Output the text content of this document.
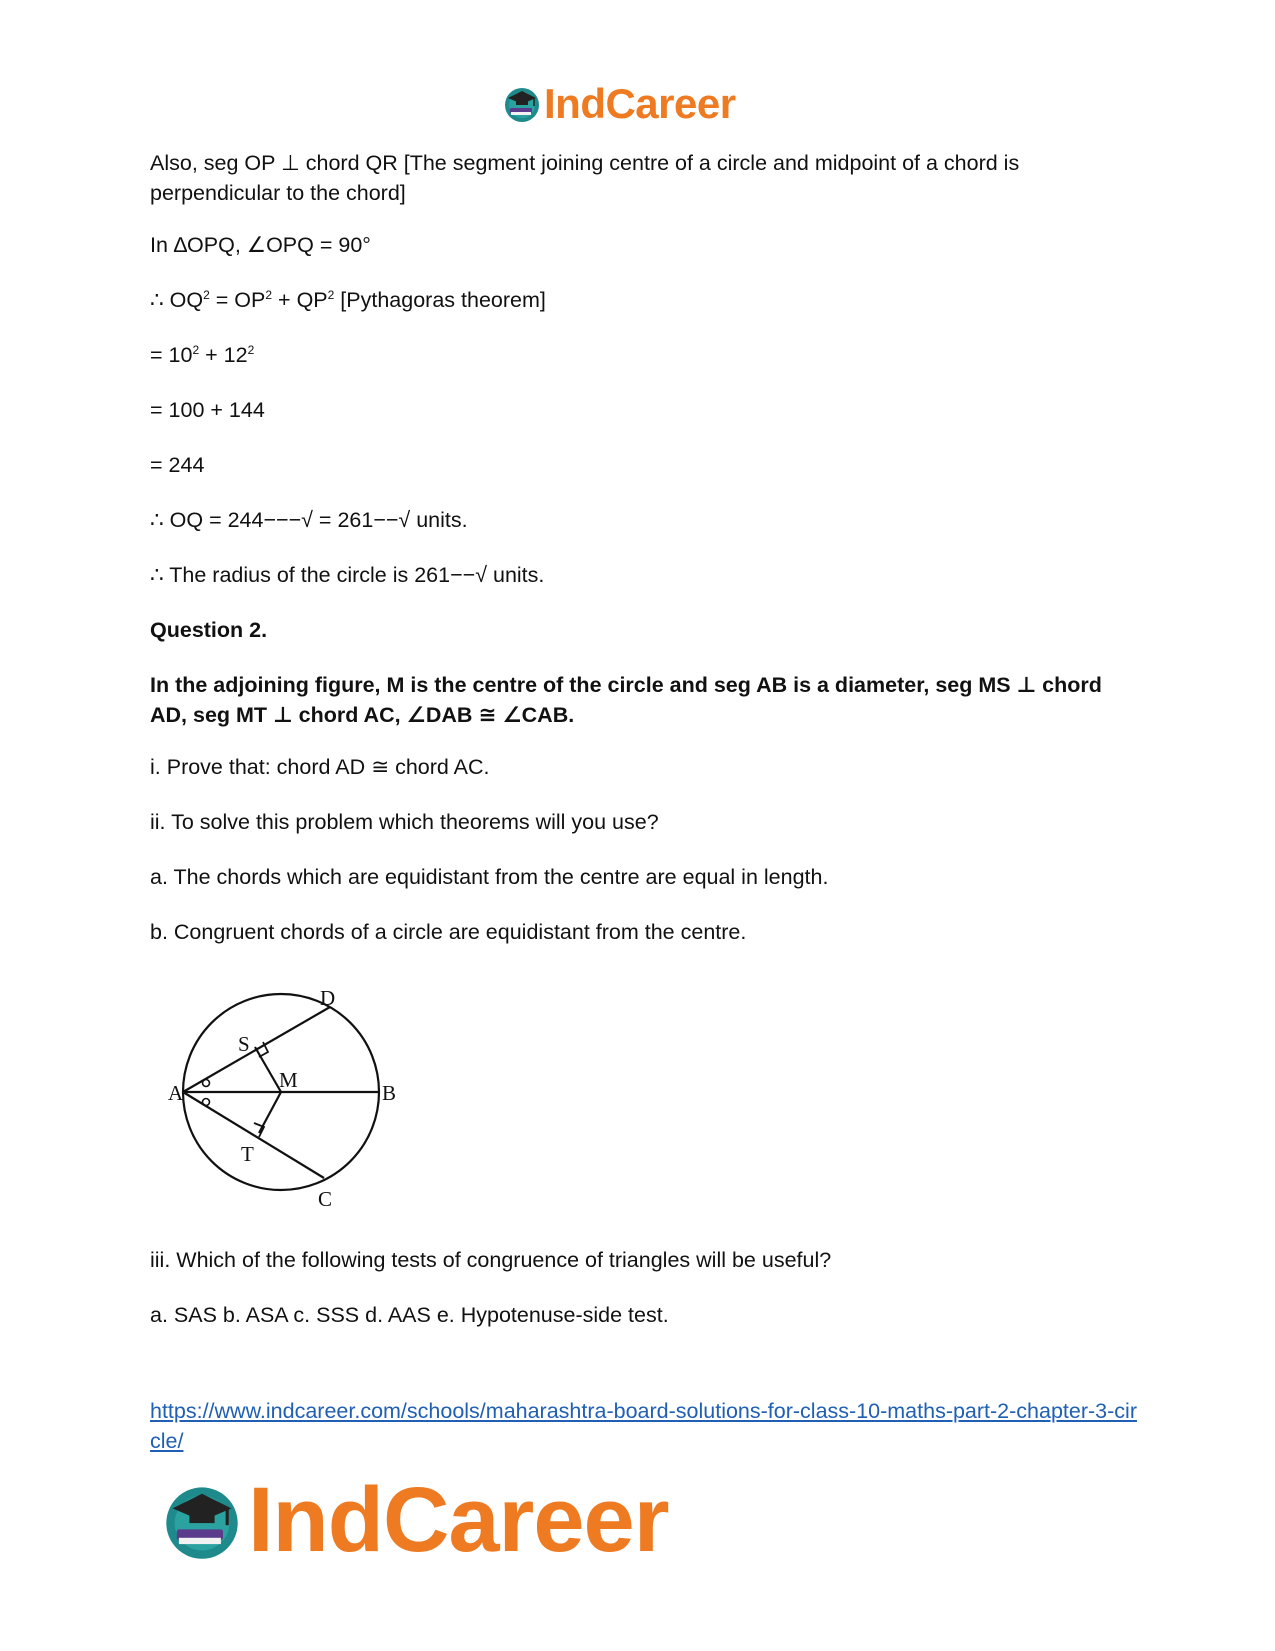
IndCareer

Also, seg OP ⊥ chord QR [The segment joining centre of a circle and midpoint of a chord is perpendicular to the chord]

In ∆OPQ, ∠OPQ = 90°

∴ $OQ^2 = OP^2 + QP^2$ [Pythagoras theorem]

= $10^2 + 12^2$

= 100 + 144

= 244

∴ OQ = 244−−−√ = 261−−√ units.

∴ The radius of the circle is 261−−√ units.

Question 2.

In the adjoining figure, M is the centre of the circle and seg AB is a diameter, seg MS ⊥ chord AD, seg MT ⊥ chord AC, ∠DAB ≅ ∠CAB.

i. Prove that: chord AD ≅ chord AC.

ii. To solve this problem which theorems will you use?

a. The chords which are equidistant from the centre are equal in length.

b. Congruent chords of a circle are equidistant from the centre.

A	B
C
D
M
S
T

iii. Which of the following tests of congruence of triangles will be useful?

a. SAS b. ASA c. SSS d. AAS e. Hypotenuse-side test.

https://www.indcareer.com/schools/maharashtra-board-solutions-for-class-10-maths-part-2-chapter-3-circle/
IndCareer
